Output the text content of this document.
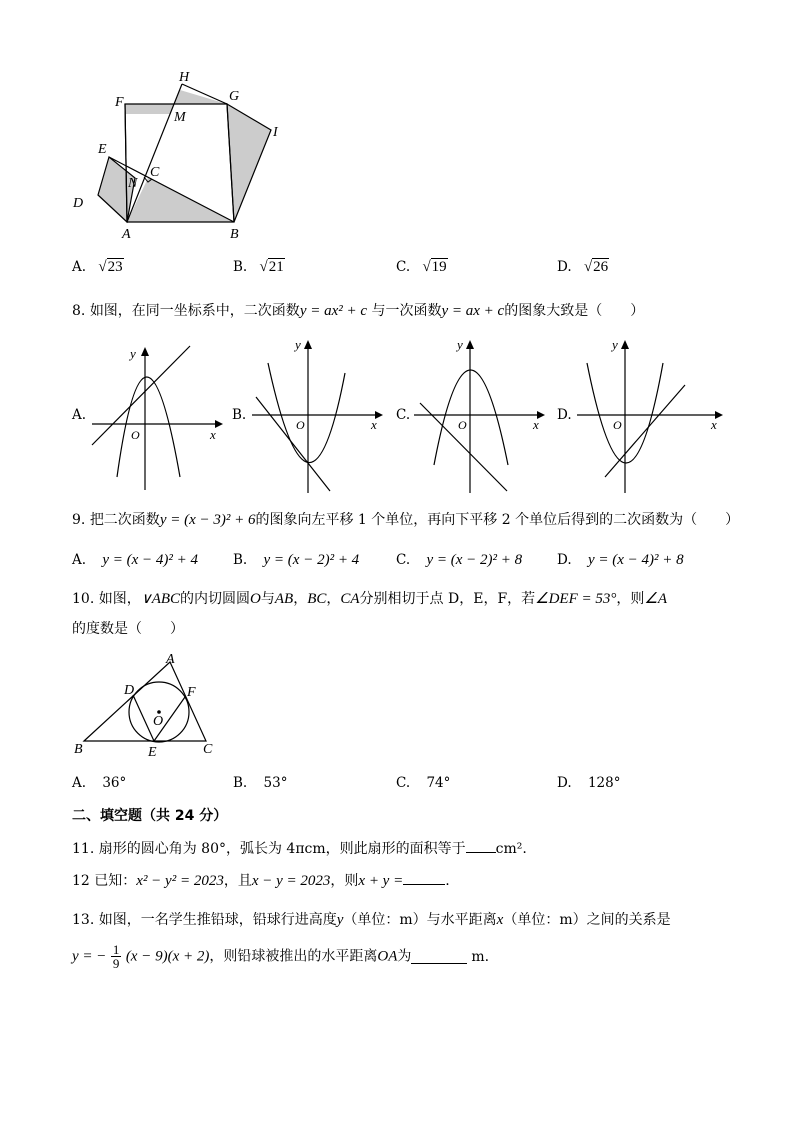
H
G
F
M
I
E
N
C
D
A	B
A. √23	B. √21	C. √19	D. √26
8. 如图，在同一坐标系中，二次函数y = ax² + c 与一次函数y = ax + c的图象大致是（　　）
A.
x
y
O
B.
x
y
O
C.
x
y
O
D.
x
y
O
9. 把二次函数y = (x − 3)² + 6的图象向左平移 1 个单位，再向下平移 2 个单位后得到的二次函数为（　　）
A. y = (x − 4)² + 4	B. y = (x − 2)² + 4	C. y = (x − 2)² + 8	D. y = (x − 4)² + 8
10. 如图，∨ABC的内切圆圆O与AB，BC，CA分别相切于点 D，E，F，若∠DEF = 53°，则∠A
的度数是（　　）
A
B	C
D
E
F
O
A. 36°	B. 53°	C. 74°	D. 128°
二、填空题（共 24 分）
11. 扇形的圆心角为 80°，弧长为 4πcm，则此扇形的面积等于 cm².
12 已知：x² − y² = 2023，且x − y = 2023，则x + y =	.
13. 如图，一名学生推铅球，铅球行进高度y（单位：m）与水平距离x（单位：m）之间的关系是
y = − $\frac{1}{9} (x - 9)(x + 2)$，则铅球被推出的水平距离OA为	m.
